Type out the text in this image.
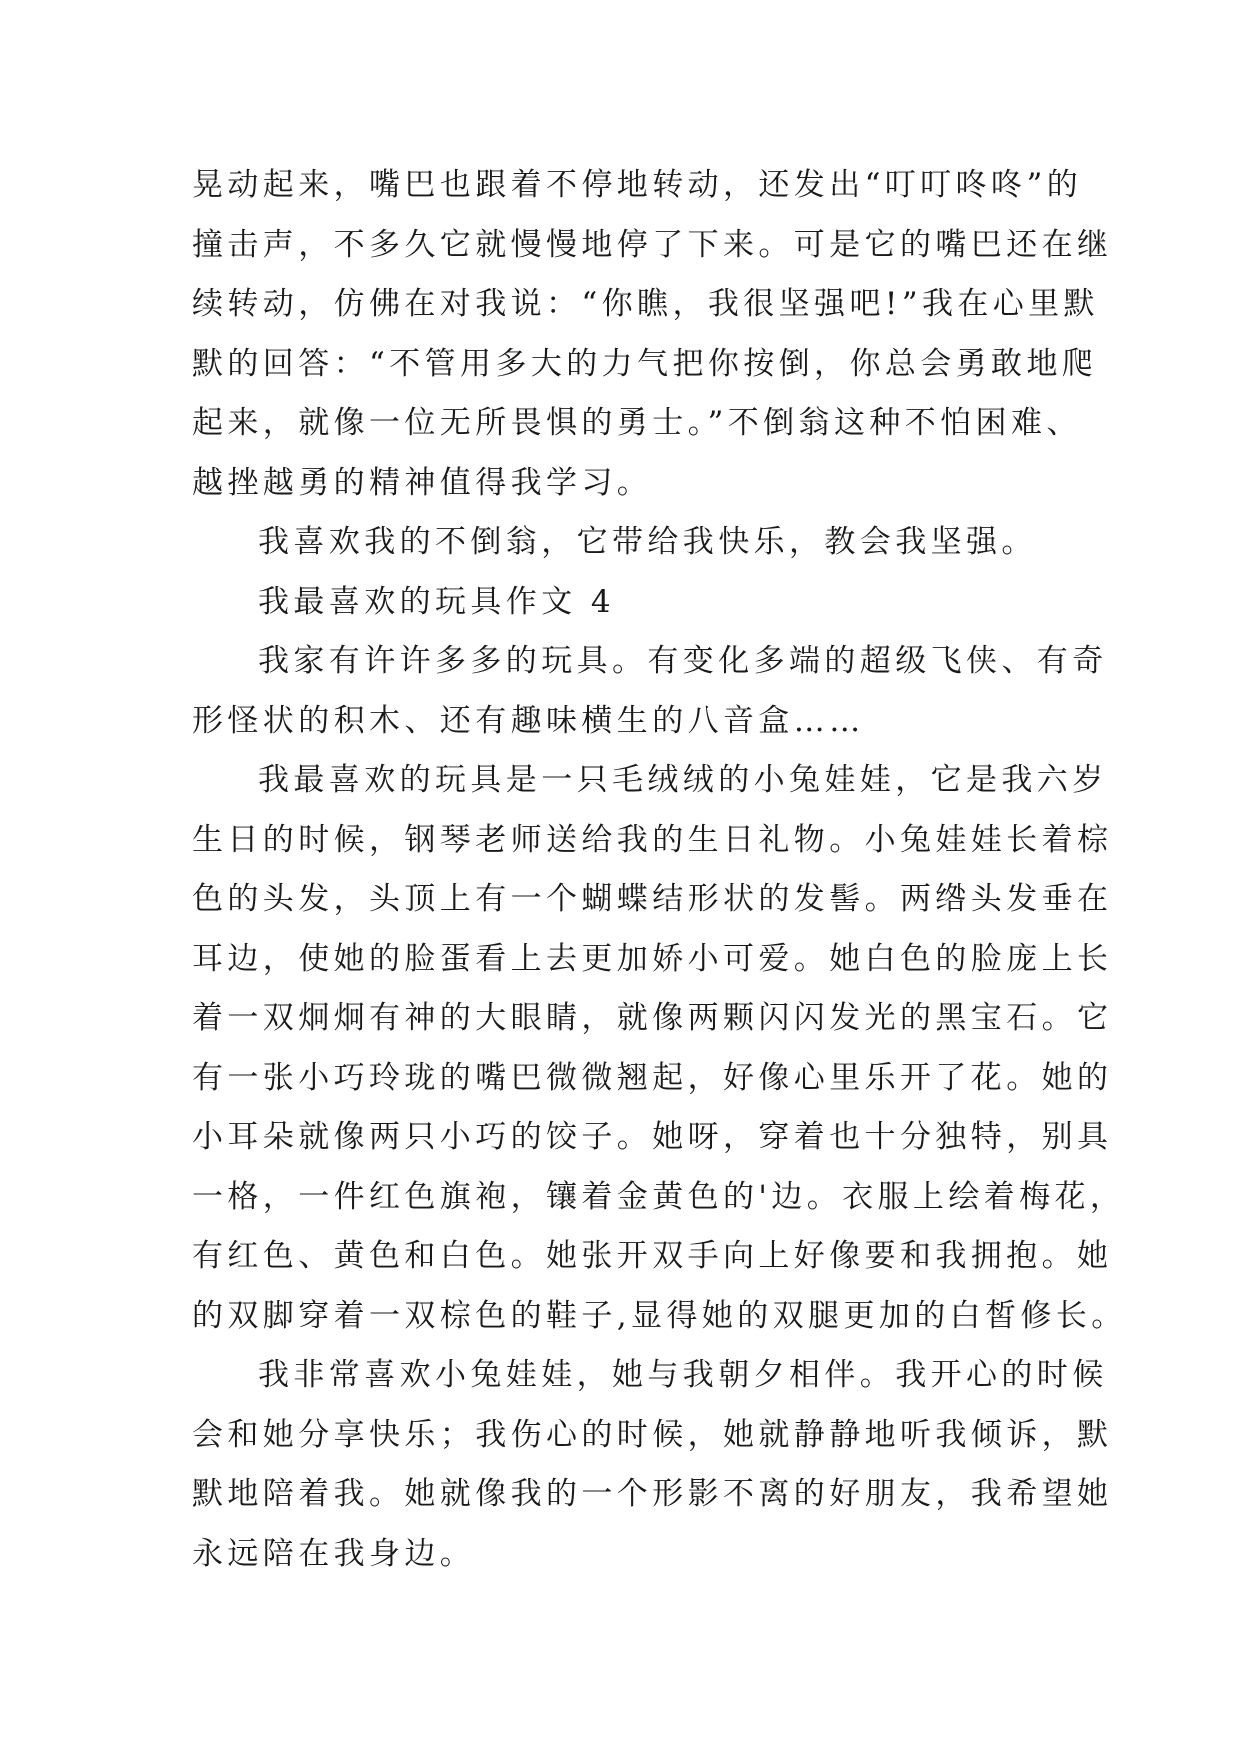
晃动起来，嘴巴也跟着不停地转动，还发出“叮叮咚咚”的
撞击声，不多久它就慢慢地停了下来。可是它的嘴巴还在继
续转动，仿佛在对我说：“你瞧，我很坚强吧!”我在心里默
默的回答：“不管用多大的力气把你按倒，你总会勇敢地爬
起来，就像一位无所畏惧的勇士。”不倒翁这种不怕困难、
越挫越勇的精神值得我学习。
我喜欢我的不倒翁，它带给我快乐，教会我坚强。
我最喜欢的玩具作文 4
我家有许许多多的玩具。有变化多端的超级飞侠、有奇
形怪状的积木、还有趣味横生的八音盒……
我最喜欢的玩具是一只毛绒绒的小兔娃娃，它是我六岁
生日的时候，钢琴老师送给我的生日礼物。小兔娃娃长着棕
色的头发，头顶上有一个蝴蝶结形状的发髻。两绺头发垂在
耳边，使她的脸蛋看上去更加娇小可爱。她白色的脸庞上长
着一双炯炯有神的大眼睛，就像两颗闪闪发光的黑宝石。它
有一张小巧玲珑的嘴巴微微翘起，好像心里乐开了花。她的
小耳朵就像两只小巧的饺子。她呀，穿着也十分独特，别具
一格，一件红色旗袍，镶着金黄色的'边。衣服上绘着梅花，
有红色、黄色和白色。她张开双手向上好像要和我拥抱。她
的双脚穿着一双棕色的鞋子,显得她的双腿更加的白皙修长。
我非常喜欢小兔娃娃，她与我朝夕相伴。我开心的时候
会和她分享快乐；我伤心的时候，她就静静地听我倾诉，默
默地陪着我。她就像我的一个形影不离的好朋友，我希望她
永远陪在我身边。
